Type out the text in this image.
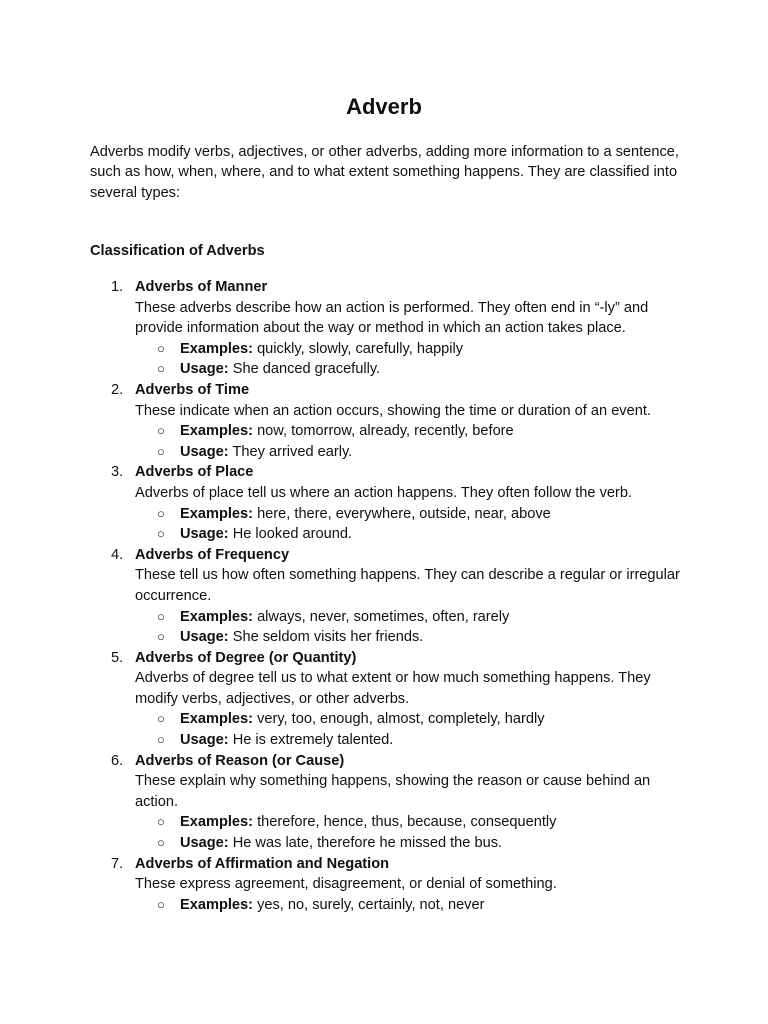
Adverb

Adverbs modify verbs, adjectives, or other adverbs, adding more information to a sentence, such as how, when, where, and to what extent something happens. They are classified into several types:

Classification of Adverbs
1. Adverbs of Manner
These adverbs describe how an action is performed. They often end in “-ly” and provide information about the way or method in which an action takes place.
○ Examples: quickly, slowly, carefully, happily
○ Usage: She danced gracefully.
2. Adverbs of Time
These indicate when an action occurs, showing the time or duration of an event.
○ Examples: now, tomorrow, already, recently, before
○ Usage: They arrived early.
3. Adverbs of Place
Adverbs of place tell us where an action happens. They often follow the verb.
○ Examples: here, there, everywhere, outside, near, above
○ Usage: He looked around.
4. Adverbs of Frequency
These tell us how often something happens. They can describe a regular or irregular occurrence.
○ Examples: always, never, sometimes, often, rarely
○ Usage: She seldom visits her friends.
5. Adverbs of Degree (or Quantity)
Adverbs of degree tell us to what extent or how much something happens. They modify verbs, adjectives, or other adverbs.
○ Examples: very, too, enough, almost, completely, hardly
○ Usage: He is extremely talented.
6. Adverbs of Reason (or Cause)
These explain why something happens, showing the reason or cause behind an action.
○ Examples: therefore, hence, thus, because, consequently
○ Usage: He was late, therefore he missed the bus.
7. Adverbs of Affirmation and Negation
These express agreement, disagreement, or denial of something.
○ Examples: yes, no, surely, certainly, not, never
